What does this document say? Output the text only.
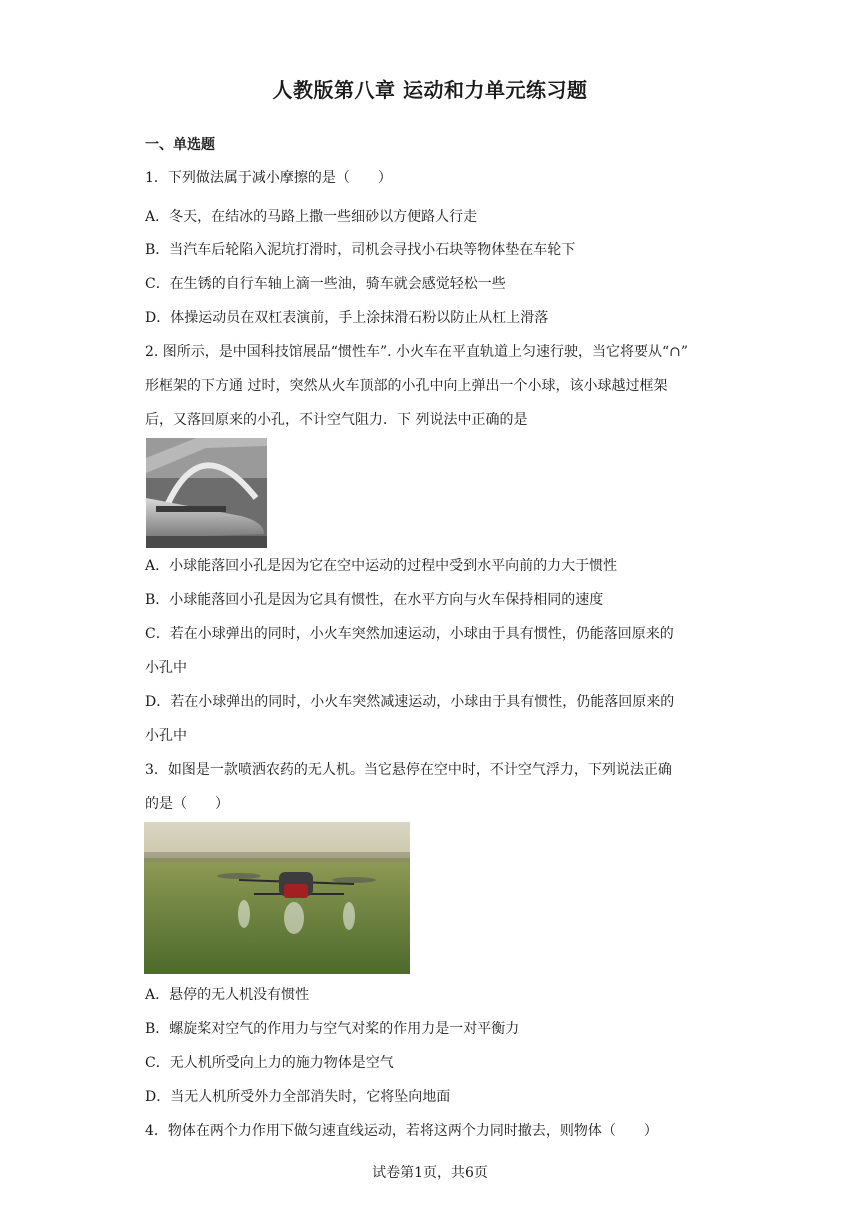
人教版第八章 运动和力单元练习题
一、单选题
1．下列做法属于减小摩擦的是（　　）
A．冬天，在结冰的马路上撒一些细砂以方便路人行走
B．当汽车后轮陷入泥坑打滑时，司机会寻找小石块等物体垫在车轮下
C．在生锈的自行车轴上滴一些油，骑车就会感觉轻松一些
D．体操运动员在双杠表演前，手上涂抹滑石粉以防止从杠上滑落
2. 图所示，是中国科技馆展品“惯性车”. 小火车在平直轨道上匀速行驶，当它将要从“∩”
形框架的下方通 过时，突然从火车顶部的小孔中向上弹出一个小球，该小球越过框架
后，又落回原来的小孔，不计空气阻力．下 列说法中正确的是
A．小球能落回小孔是因为它在空中运动的过程中受到水平向前的力大于惯性
B．小球能落回小孔是因为它具有惯性，在水平方向与火车保持相同的速度
C．若在小球弹出的同时，小火车突然加速运动，小球由于具有惯性，仍能落回原来的
小孔中
D．若在小球弹出的同时，小火车突然减速运动，小球由于具有惯性，仍能落回原来的
小孔中
3．如图是一款喷洒农药的无人机。当它悬停在空中时，不计空气浮力，下列说法正确
的是（　　）
A．悬停的无人机没有惯性
B．螺旋桨对空气的作用力与空气对桨的作用力是一对平衡力
C．无人机所受向上力的施力物体是空气
D．当无人机所受外力全部消失时，它将坠向地面
4．物体在两个力作用下做匀速直线运动，若将这两个力同时撤去，则物体（　　）
试卷第1页，共6页
